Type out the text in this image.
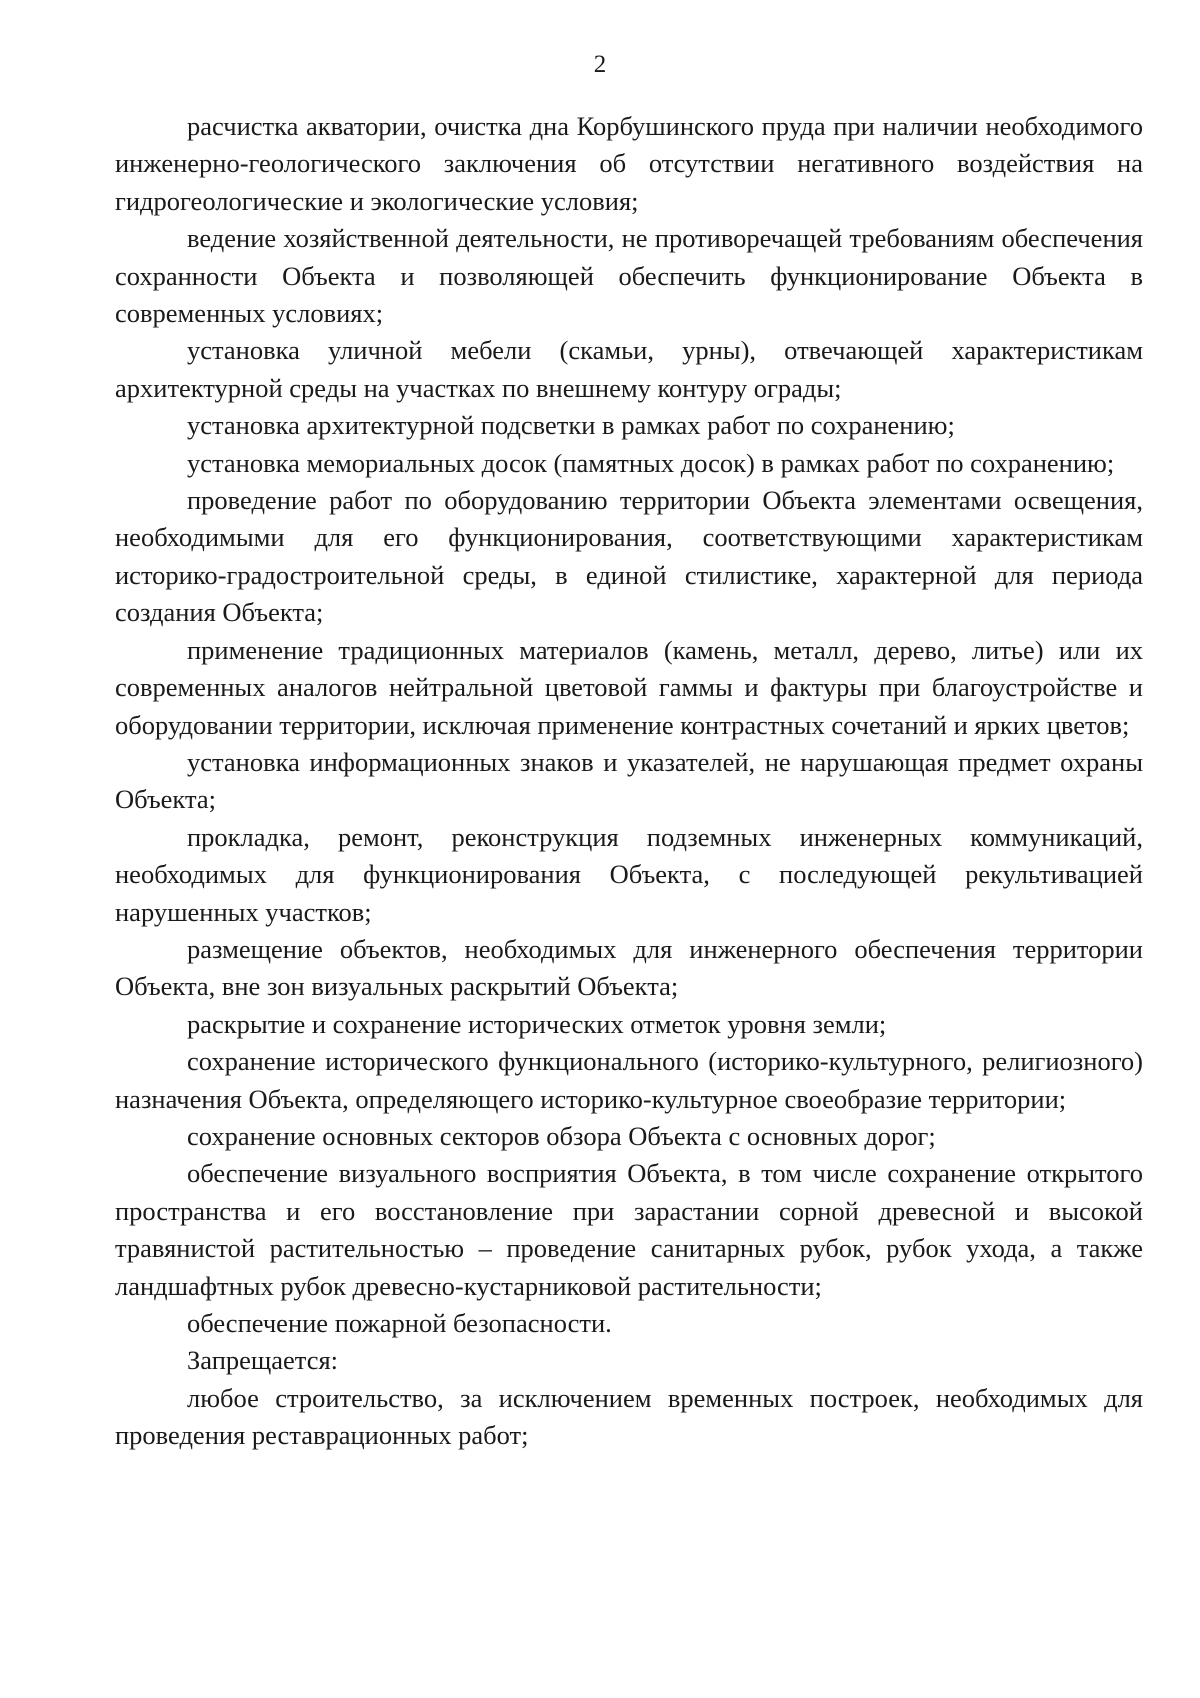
2

расчистка акватории, очистка дна Корбушинского пруда при наличии необходимого инженерно-геологического заключения об отсутствии негативного воздействия на гидрогеологические и экологические условия;

ведение хозяйственной деятельности, не противоречащей требованиям обеспечения сохранности Объекта и позволяющей обеспечить функционирование Объекта в современных условиях;

установка уличной мебели (скамьи, урны), отвечающей характеристикам архитектурной среды на участках по внешнему контуру ограды;

установка архитектурной подсветки в рамках работ по сохранению;

установка мемориальных досок (памятных досок) в рамках работ по сохранению;

проведение работ по оборудованию территории Объекта элементами освещения, необходимыми для его функционирования, соответствующими характеристикам историко-градостроительной среды, в единой стилистике, характерной для периода создания Объекта;

применение традиционных материалов (камень, металл, дерево, литье) или их современных аналогов нейтральной цветовой гаммы и фактуры при благоустройстве и оборудовании территории, исключая применение контрастных сочетаний и ярких цветов;

установка информационных знаков и указателей, не нарушающая предмет охраны Объекта;

прокладка, ремонт, реконструкция подземных инженерных коммуникаций, необходимых для функционирования Объекта, с последующей рекультивацией нарушенных участков;

размещение объектов, необходимых для инженерного обеспечения территории Объекта, вне зон визуальных раскрытий Объекта;

раскрытие и сохранение исторических отметок уровня земли;

сохранение исторического функционального (историко-культурного, религиозного) назначения Объекта, определяющего историко-культурное своеобразие территории;

сохранение основных секторов обзора Объекта с основных дорог;

обеспечение визуального восприятия Объекта, в том числе сохранение открытого пространства и его восстановление при зарастании сорной древесной и высокой травянистой растительностью – проведение санитарных рубок, рубок ухода, а также ландшафтных рубок древесно-кустарниковой растительности;

обеспечение пожарной безопасности.

Запрещается:

любое строительство, за исключением временных построек, необходимых для проведения реставрационных работ;
